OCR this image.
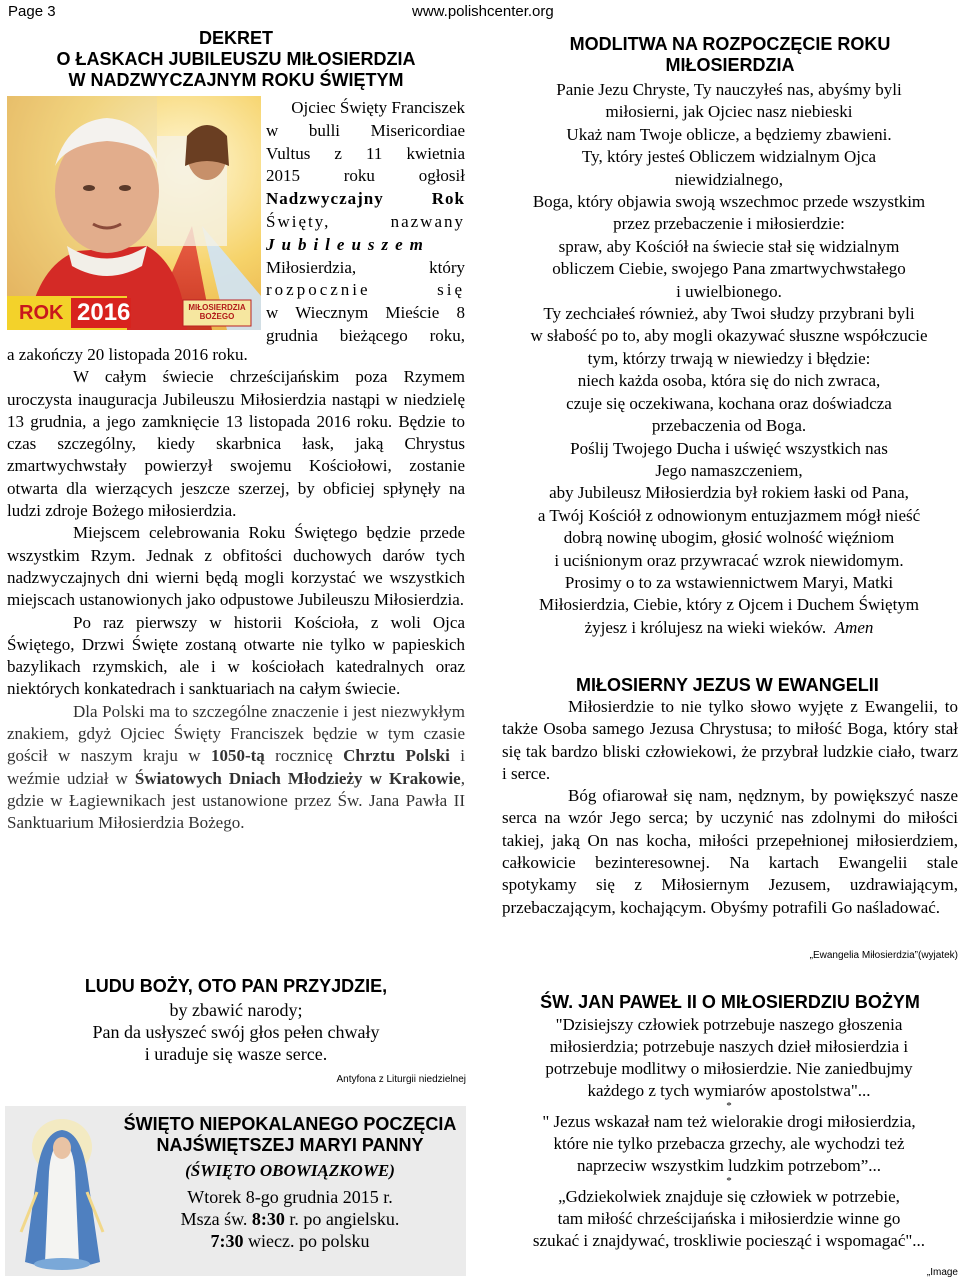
Page 3	www.polishcenter.org
DEKRET
O ŁASKACH JUBILEUSZU MIŁOSIERDZIA
W NADZWYCZAJNYM ROKU ŚWIĘTYM
ROK 2016	MIŁOSIERDZIA
BOŻEGO
Ojciec Święty Franciszek
w bulli Misericordiae
Vultus z 11 kwietnia
2015 roku ogłosił
Nadzwyczajny Rok
Święty, nazwany
Jubileuszem
Miłosierdzia, który
rozpocznie się
w Wiecznym Mieście 8
grudnia bieżącego roku,

a zakończy 20 listopada 2016 roku.

W całym świecie chrześcijańskim poza Rzymem uroczysta inauguracja Jubileuszu Miłosierdzia nastąpi w niedzielę 13 grudnia, a jego zamknięcie 13 listopada 2016 roku. Będzie to czas szczególny, kiedy skarbnica łask, jaką Chrystus zmartwychwstały powierzył swojemu Kościołowi, zostanie otwarta dla wierzących jeszcze szerzej, by obficiej spłynęły na ludzi zdroje Bożego miłosierdzia.

Miejscem celebrowania Roku Świętego będzie przede wszystkim Rzym. Jednak z obfitości duchowych darów tych nadzwyczajnych dni wierni będą mogli korzystać we wszystkich miejscach ustanowionych jako odpustowe Jubileuszu Miłosierdzia.

Po raz pierwszy w historii Kościoła, z woli Ojca Świętego, Drzwi Święte zostaną otwarte nie tylko w papieskich bazylikach rzymskich, ale i w kościołach katedralnych oraz niektórych konkatedrach i sanktuariach na całym świecie.

Dla Polski ma to szczególne znaczenie i jest niezwykłym znakiem, gdyż Ojciec Święty Franciszek będzie w tym czasie gościł w naszym kraju w 1050-tą rocznicę Chrztu Polski i weźmie udział w Światowych Dniach Młodzieży w Krakowie, gdzie w Łagiewnikach jest ustanowione przez Św. Jana Pawła II Sanktuarium Miłosierdzia Bożego.

LUDU BOŻY, OTO PAN PRZYJDZIE,
by zbawić narody;
Pan da usłyszeć swój głos pełen chwały
i uraduje się wasze serce.
Antyfona z Liturgii niedzielnej
ŚWIĘTO NIEPOKALANEGO POCZĘCIA
NAJŚWIĘTSZEJ MARYI PANNY
(ŚWIĘTO OBOWIĄZKOWE)
Wtorek 8-go grudnia 2015 r.
Msza św. 8:30 r. po angielsku.
7:30 wiecz. po polsku
MODLITWA NA ROZPOCZĘCIE ROKU
MIŁOSIERDZIA
Panie Jezu Chryste, Ty nauczyłeś nas, abyśmy byli
miłosierni, jak Ojciec nasz niebieski
Ukaż nam Twoje oblicze, a będziemy zbawieni.
Ty, który jesteś Obliczem widzialnym Ojca
niewidzialnego,
Boga, który objawia swoją wszechmoc przede wszystkim
przez przebaczenie i miłosierdzie:
spraw, aby Kościół na świecie stał się widzialnym
obliczem Ciebie, swojego Pana zmartwychwstałego
i uwielbionego.
Ty zechciałeś również, aby Twoi słudzy przybrani byli
w słabość po to, aby mogli okazywać słuszne współczucie
tym, którzy trwają w niewiedzy i błędzie:
niech każda osoba, która się do nich zwraca,
czuje się oczekiwana, kochana oraz doświadcza
przebaczenia od Boga.
Poślij Twojego Ducha i uświęć wszystkich nas
Jego namaszczeniem,
aby Jubileusz Miłosierdzia był rokiem łaski od Pana,
a Twój Kościół z odnowionym entuzjazmem mógł nieść
dobrą nowinę ubogim, głosić wolność więźniom
i uciśnionym oraz przywracać wzrok niewidomym.
Prosimy o to za wstawiennictwem Maryi, Matki
Miłosierdzia, Ciebie, który z Ojcem i Duchem Świętym
żyjesz i królujesz na wieki wieków. Amen
MIŁOSIERNY JEZUS W EWANGELII

Miłosierdzie to nie tylko słowo wyjęte z Ewangelii, to także Osoba samego Jezusa Chrystusa; to miłość Boga, który stał się tak bardzo bliski człowiekowi, że przybrał ludzkie ciało, twarz i serce.

Bóg ofiarował się nam, nędznym, by powiększyć nasze serca na wzór Jego serca; by uczynić nas zdolnymi do miłości takiej, jaką On nas kocha, miłości przepełnionej miłosierdziem, całkowicie bezinteresownej. Na kartach Ewangelii stale spotykamy się z Miłosiernym Jezusem, uzdrawiającym, przebaczającym, kochającym. Obyśmy potrafili Go naśladować.

„Ewangelia Miłosierdzia”(wyjatek)
ŚW. JAN PAWEŁ II O MIŁOSIERDZIU BOŻYM
"Dzisiejszy człowiek potrzebuje naszego głoszenia
miłosierdzia; potrzebuje naszych dzieł miłosierdzia i
potrzebuje modlitwy o miłosierdzie. Nie zaniedbujmy
każdego z tych wymiarów apostolstwa"...
*
" Jezus wskazał nam też wielorakie drogi miłosierdzia,
które nie tylko przebacza grzechy, ale wychodzi też
naprzeciw wszystkim ludzkim potrzebom”...
*
„Gdziekolwiek znajduje się człowiek w potrzebie,
tam miłość chrześcijańska i miłosierdzie winne go
szukać i znajdywać, troskliwie pociesząć i wspomagać"...
„Image
